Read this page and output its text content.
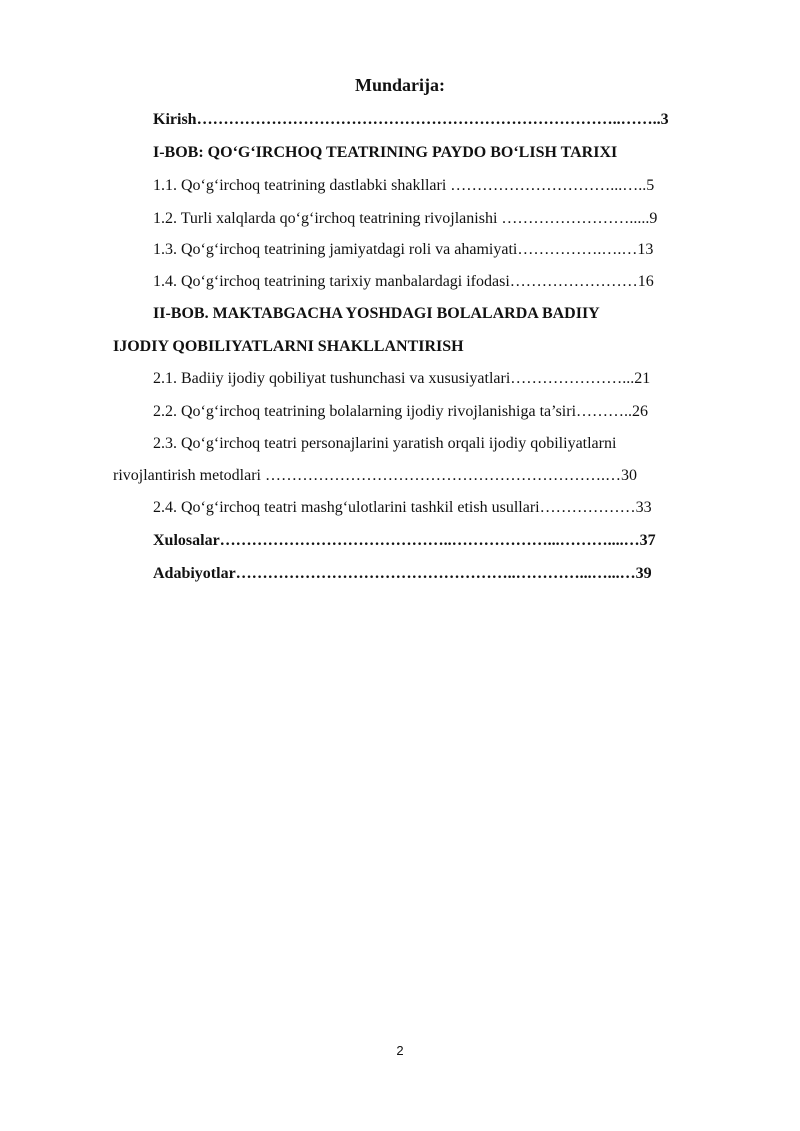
Mundarija:
Kirish……………………………………………………………………..……..3
I-BOB: QO‘G‘IRCHOQ TEATRINING PAYDO BO‘LISH TARIXI
1.1. Qo‘g‘irchoq teatrining dastlabki shakllari …………………………...…..5
1.2. Turli xalqlarda qo‘g‘irchoq teatrining rivojlanishi …………………….....9
1.3. Qo‘g‘irchoq teatrining jamiyatdagi roli va ahamiyati…………….….…13
1.4. Qo‘g‘irchoq teatrining tarixiy manbalardagi ifodasi……………………16
II-BOB. MAKTABGACHA YOSHDAGI BOLALARDA BADIIY
IJODIY QOBILIYATLARNI SHAKLLANTIRISH
2.1. Badiiy ijodiy qobiliyat tushunchasi va xususiyatlari…………………...21
2.2. Qo‘g‘irchoq teatrining bolalarning ijodiy rivojlanishiga ta’siri………..26
2.3. Qo‘g‘irchoq teatri personajlarini yaratish orqali ijodiy qobiliyatlarni
rivojlantirish metodlari ……………………………………………………….…30
2.4. Qo‘g‘irchoq teatri mashg‘ulotlarini tashkil etish usullari………………33
Xulosalar……………………………………..………………...………....…37
Adabiyotlar……………………………………………..…………...…...…39
2
